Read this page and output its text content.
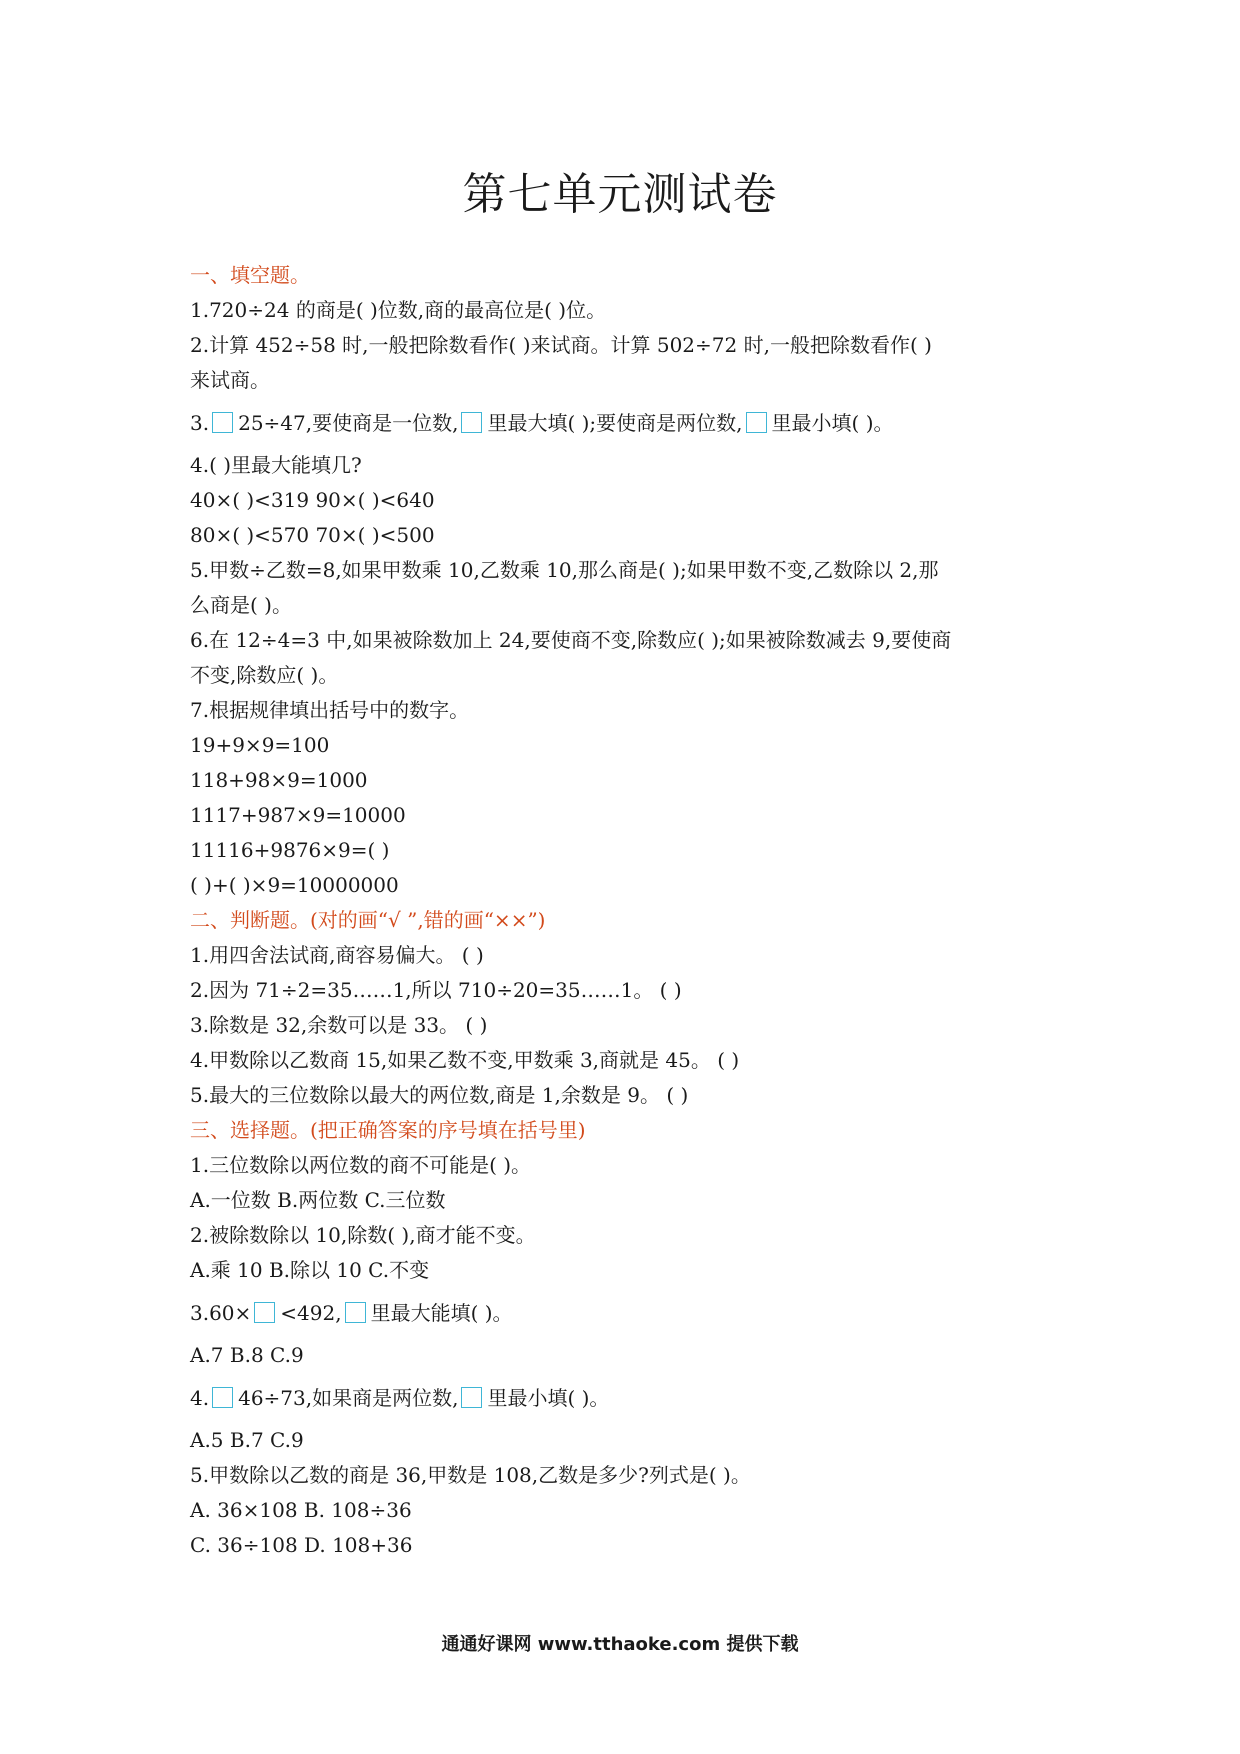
第七单元测试卷
一、填空题。
1.720÷24 的商是( )位数,商的最高位是( )位。
2.计算 452÷58 时,一般把除数看作( )来试商。计算 502÷72 时,一般把除数看作( )
来试商。
3. 25÷47,要使商是一位数, 里最大填( );要使商是两位数, 里最小填( )。
4.( )里最大能填几?
40×( )<319 90×( )<640
80×( )<570 70×( )<500
5.甲数÷乙数=8,如果甲数乘 10,乙数乘 10,那么商是( );如果甲数不变,乙数除以 2,那
么商是( )。
6.在 12÷4=3 中,如果被除数加上 24,要使商不变,除数应( );如果被除数减去 9,要使商
不变,除数应( )。
7.根据规律填出括号中的数字。
19+9×9=100
118+98×9=1000
1117+987×9=10000
11116+9876×9=( )
( )+( )×9=10000000
二、判断题。(对的画“√ ”,错的画“××”)
1.用四舍法试商,商容易偏大。 ( )
2.因为 71÷2=35……1,所以 710÷20=35……1。 ( )
3.除数是 32,余数可以是 33。 ( )
4.甲数除以乙数商 15,如果乙数不变,甲数乘 3,商就是 45。 ( )
5.最大的三位数除以最大的两位数,商是 1,余数是 9。 ( )
三、选择题。(把正确答案的序号填在括号里)
1.三位数除以两位数的商不可能是( )。
A.一位数 B.两位数 C.三位数
2.被除数除以 10,除数( ),商才能不变。
A.乘 10 B.除以 10 C.不变
3.60× <492, 里最大能填( )。
A.7 B.8 C.9
4. 46÷73,如果商是两位数, 里最小填( )。
A.5 B.7 C.9
5.甲数除以乙数的商是 36,甲数是 108,乙数是多少?列式是( )。
A. 36×108 B. 108÷36
C. 36÷108 D. 108+36
通通好课网 www.tthaoke.com 提供下载
